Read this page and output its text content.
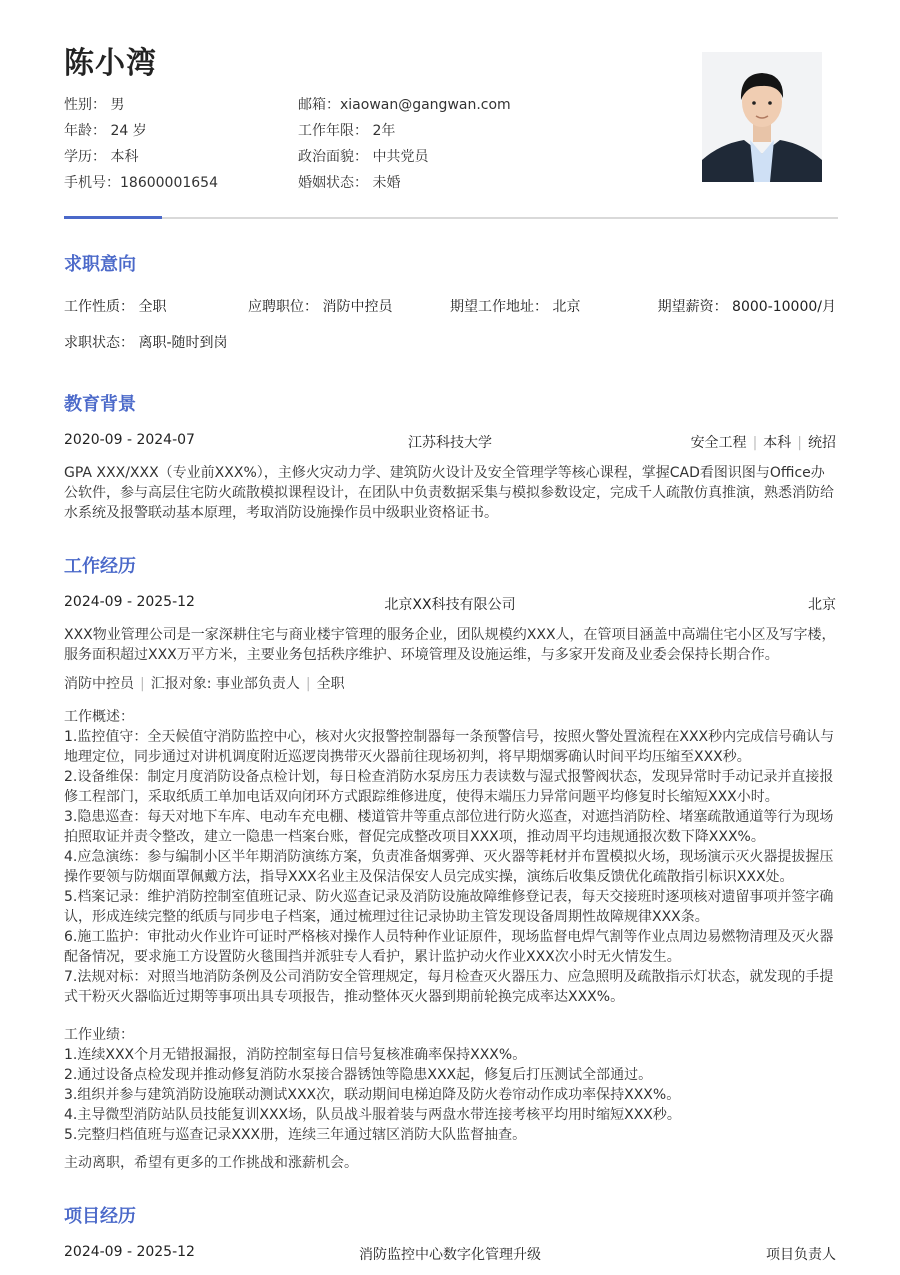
陈小湾
性别： 男
年龄： 24 岁
学历： 本科
手机号：18600001654
邮箱：xiaowan@gangwan.com
工作年限： 2年
政治面貌： 中共党员
婚姻状态： 未婚
求职意向
工作性质： 全职	应聘职位： 消防中控员	期望工作地址： 北京	期望薪资： 8000-10000/月
求职状态： 离职-随时到岗
教育背景
2020-09 - 2024-07	江苏科技大学	安全工程 | 本科 | 统招
GPA XXX/XXX（专业前XXX%），主修火灾动力学、建筑防火设计及安全管理学等核心课程，掌握CAD看图识图与Office办公软件，参与高层住宅防火疏散模拟课程设计，在团队中负责数据采集与模拟参数设定，完成千人疏散仿真推演，熟悉消防给水系统及报警联动基本原理，考取消防设施操作员中级职业资格证书。
工作经历
2024-09 - 2025-12	北京XX科技有限公司	北京
XXX物业管理公司是一家深耕住宅与商业楼宇管理的服务企业，团队规模约XXX人，在管项目涵盖中高端住宅小区及写字楼，服务面积超过XXX万平方米，主要业务包括秩序维护、环境管理及设施运维，与多家开发商及业委会保持长期合作。
消防中控员 | 汇报对象: 事业部负责人 | 全职
工作概述：
1.监控值守：全天候值守消防监控中心，核对火灾报警控制器每一条预警信号，按照火警处置流程在XXX秒内完成信号确认与地理定位，同步通过对讲机调度附近巡逻岗携带灭火器前往现场初判，将早期烟雾确认时间平均压缩至XXX秒。
2.设备维保：制定月度消防设备点检计划，每日检查消防水泵房压力表读数与湿式报警阀状态，发现异常时手动记录并直接报修工程部门，采取纸质工单加电话双向闭环方式跟踪维修进度，使得末端压力异常问题平均修复时长缩短XXX小时。
3.隐患巡查：每天对地下车库、电动车充电棚、楼道管井等重点部位进行防火巡查，对遮挡消防栓、堵塞疏散通道等行为现场拍照取证并责令整改，建立一隐患一档案台账，督促完成整改项目XXX项，推动周平均违规通报次数下降XXX%。
4.应急演练：参与编制小区半年期消防演练方案，负责准备烟雾弹、灭火器等耗材并布置模拟火场，现场演示灭火器提拔握压操作要领与防烟面罩佩戴方法，指导XXX名业主及保洁保安人员完成实操，演练后收集反馈优化疏散指引标识XXX处。
5.档案记录：维护消防控制室值班记录、防火巡查记录及消防设施故障维修登记表，每天交接班时逐项核对遗留事项并签字确认，形成连续完整的纸质与同步电子档案，通过梳理过往记录协助主管发现设备周期性故障规律XXX条。
6.施工监护：审批动火作业许可证时严格核对操作人员特种作业证原件，现场监督电焊气割等作业点周边易燃物清理及灭火器配备情况，要求施工方设置防火毯围挡并派驻专人看护，累计监护动火作业XXX次小时无火情发生。
7.法规对标：对照当地消防条例及公司消防安全管理规定，每月检查灭火器压力、应急照明及疏散指示灯状态，就发现的手提式干粉灭火器临近过期等事项出具专项报告，推动整体灭火器到期前轮换完成率达XXX%。
工作业绩：
1.连续XXX个月无错报漏报，消防控制室每日信号复核准确率保持XXX%。
2.通过设备点检发现并推动修复消防水泵接合器锈蚀等隐患XXX起，修复后打压测试全部通过。
3.组织并参与建筑消防设施联动测试XXX次，联动期间电梯迫降及防火卷帘动作成功率保持XXX%。
4.主导微型消防站队员技能复训XXX场，队员战斗服着装与两盘水带连接考核平均用时缩短XXX秒。
5.完整归档值班与巡查记录XXX册，连续三年通过辖区消防大队监督抽查。
主动离职，希望有更多的工作挑战和涨薪机会。
项目经历
2024-09 - 2025-12	消防监控中心数字化管理升级	项目负责人
